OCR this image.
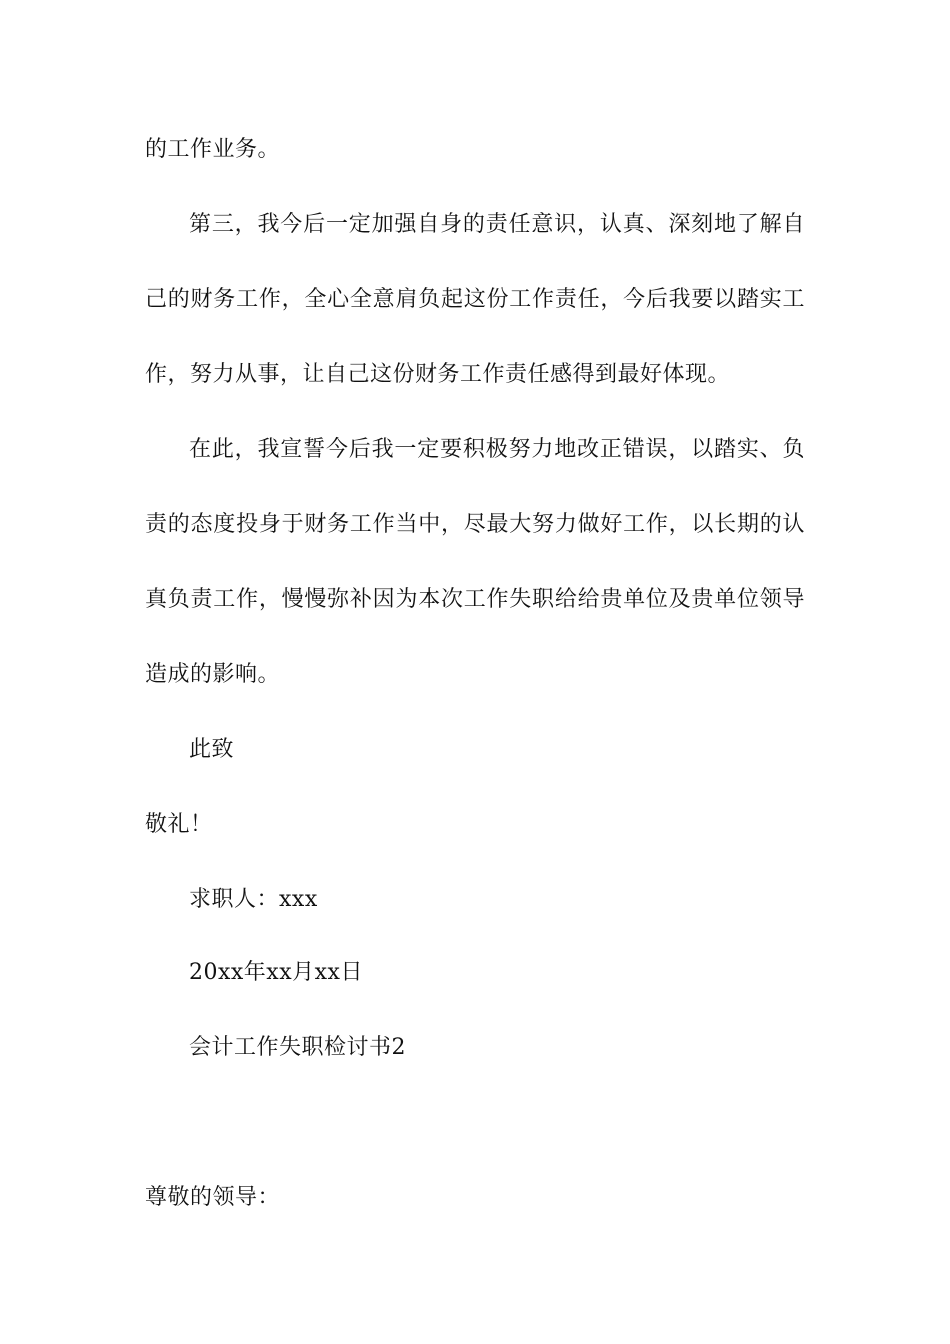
的工作业务。
第三，我今后一定加强自身的责任意识，认真、深刻地了解自
己的财务工作，全心全意肩负起这份工作责任，今后我要以踏实工
作，努力从事，让自己这份财务工作责任感得到最好体现。
在此，我宣誓今后我一定要积极努力地改正错误，以踏实、负
责的态度投身于财务工作当中，尽最大努力做好工作，以长期的认
真负责工作，慢慢弥补因为本次工作失职给给贵单位及贵单位领导
造成的影响。
此致
敬礼！
求职人：xxx
20xx年xx月xx日
会计工作失职检讨书2
尊敬的领导：
